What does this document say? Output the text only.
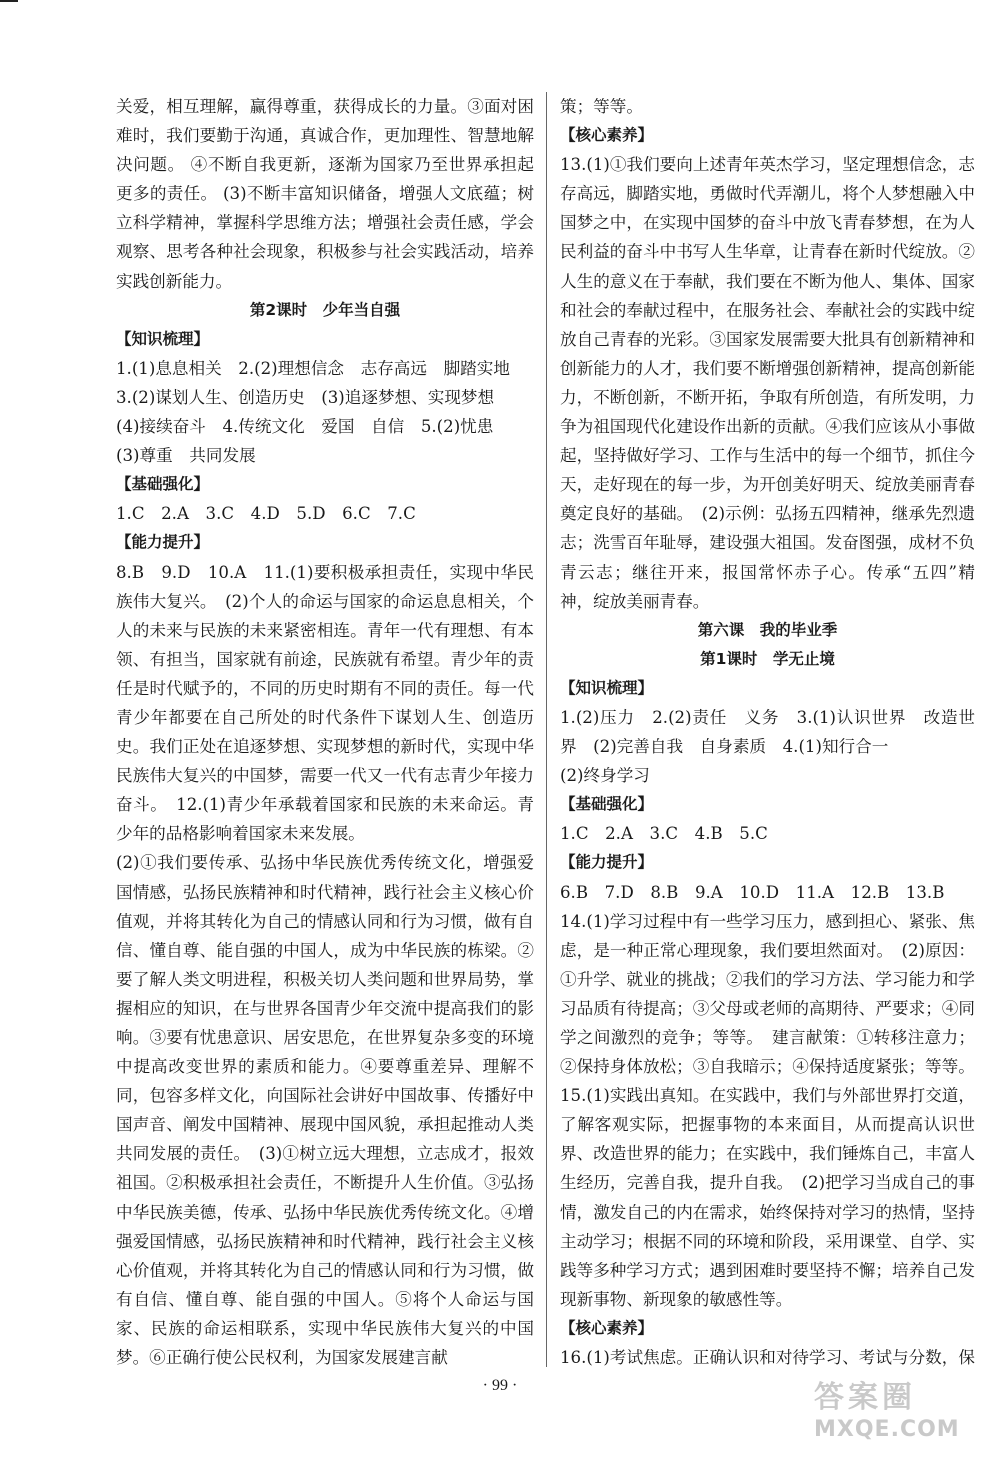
关爱，相互理解，赢得尊重，获得成长的力量。③面对困难时，我们要勤于沟通，真诚合作，更加理性、智慧地解决问题。 ④不断自我更新，逐渐为国家乃至世界承担起更多的责任。 (3)不断丰富知识储备，增强人文底蕴；树立科学精神，掌握科学思维方法；增强社会责任感，学会观察、思考各种社会现象，积极参与社会实践活动，培养实践创新能力。

第2课时　少年当自强

【知识梳理】

1.(1)息息相关　2.(2)理想信念　志存高远　脚踏实地

3.(2)谋划人生、创造历史　(3)追逐梦想、实现梦想

(4)接续奋斗　4.传统文化　爱国　自信　5.(2)忧患

(3)尊重　共同发展

【基础强化】

1.C　2.A　3.C　4.D　5.D　6.C　7.C

【能力提升】

8.B　9.D　10.A　11.(1)要积极承担责任，实现中华民族伟大复兴。　(2)个人的命运与国家的命运息息相关，个人的未来与民族的未来紧密相连。青年一代有理想、有本领、有担当，国家就有前途，民族就有希望。青少年的责任是时代赋予的，不同的历史时期有不同的责任。每一代青少年都要在自己所处的时代条件下谋划人生、创造历史。我们正处在追逐梦想、实现梦想的新时代，实现中华民族伟大复兴的中国梦，需要一代又一代有志青少年接力奋斗。　12.(1)青少年承载着国家和民族的未来命运。青少年的品格影响着国家未来发展。

(2)①我们要传承、弘扬中华民族优秀传统文化，增强爱国情感，弘扬民族精神和时代精神，践行社会主义核心价值观，并将其转化为自己的情感认同和行为习惯，做有自信、懂自尊、能自强的中国人，成为中华民族的栋梁。②要了解人类文明进程，积极关切人类问题和世界局势，掌握相应的知识，在与世界各国青少年交流中提高我们的影响。③要有忧患意识、居安思危，在世界复杂多变的环境中提高改变世界的素质和能力。④要尊重差异、理解不同，包容多样文化，向国际社会讲好中国故事、传播好中国声音、阐发中国精神、展现中国风貌，承担起推动人类共同发展的责任。　(3)①树立远大理想，立志成才，报效祖国。②积极承担社会责任，不断提升人生价值。③弘扬中华民族美德，传承、弘扬中华民族优秀传统文化。④增强爱国情感，弘扬民族精神和时代精神，践行社会主义核心价值观，并将其转化为自己的情感认同和行为习惯，做有自信、懂自尊、能自强的中国人。⑤将个人命运与国家、民族的命运相联系，实现中华民族伟大复兴的中国梦。⑥正确行使公民权利，为国家发展建言献

策；等等。

【核心素养】

13.(1)①我们要向上述青年英杰学习，坚定理想信念，志存高远，脚踏实地，勇做时代弄潮儿，将个人梦想融入中国梦之中，在实现中国梦的奋斗中放飞青春梦想，在为人民利益的奋斗中书写人生华章，让青春在新时代绽放。②人生的意义在于奉献，我们要在不断为他人、集体、国家和社会的奉献过程中，在服务社会、奉献社会的实践中绽放自己青春的光彩。③国家发展需要大批具有创新精神和创新能力的人才，我们要不断增强创新精神，提高创新能力，不断创新，不断开拓，争取有所创造，有所发明，力争为祖国现代化建设作出新的贡献。④我们应该从小事做起，坚持做好学习、工作与生活中的每一个细节，抓住今天，走好现在的每一步，为开创美好明天、绽放美丽青春奠定良好的基础。　(2)示例：弘扬五四精神，继承先烈遗志；洗雪百年耻辱，建设强大祖国。发奋图强，成材不负青云志；继往开来，报国常怀赤子心。传承“五四”精神，绽放美丽青春。

第六课　我的毕业季

第1课时　学无止境

【知识梳理】

1.(2)压力　2.(2)责任　义务　3.(1)认识世界　改造世界　(2)完善自我　自身素质　4.(1)知行合一

(2)终身学习

【基础强化】

1.C　2.A　3.C　4.B　5.C

【能力提升】

6.B　7.D　8.B　9.A　10.D　11.A　12.B　13.B

14.(1)学习过程中有一些学习压力，感到担心、紧张、焦虑，是一种正常心理现象，我们要坦然面对。　(2)原因：①升学、就业的挑战；②我们的学习方法、学习能力和学习品质有待提高；③父母或老师的高期待、严要求；④同学之间激烈的竞争；等等。　建言献策：①转移注意力；②保持身体放松；③自我暗示；④保持适度紧张；等等。

15.(1)实践出真知。在实践中，我们与外部世界打交道，了解客观实际，把握事物的本来面目，从而提高认识世界、改造世界的能力；在实践中，我们锤炼自己，丰富人生经历，完善自我，提升自我。　(2)把学习当成自己的事情，激发自己的内在需求，始终保持对学习的热情，坚持主动学习；根据不同的环境和阶段，采用课堂、自学、实践等多种学习方式；遇到困难时要坚持不懈；培养自己发现新事物、新现象的敏感性等。

【核心素养】

16.(1)考试焦虑。正确认识和对待学习、考试与分数，保

· 99 ·	答案圈
MXQE.COM
